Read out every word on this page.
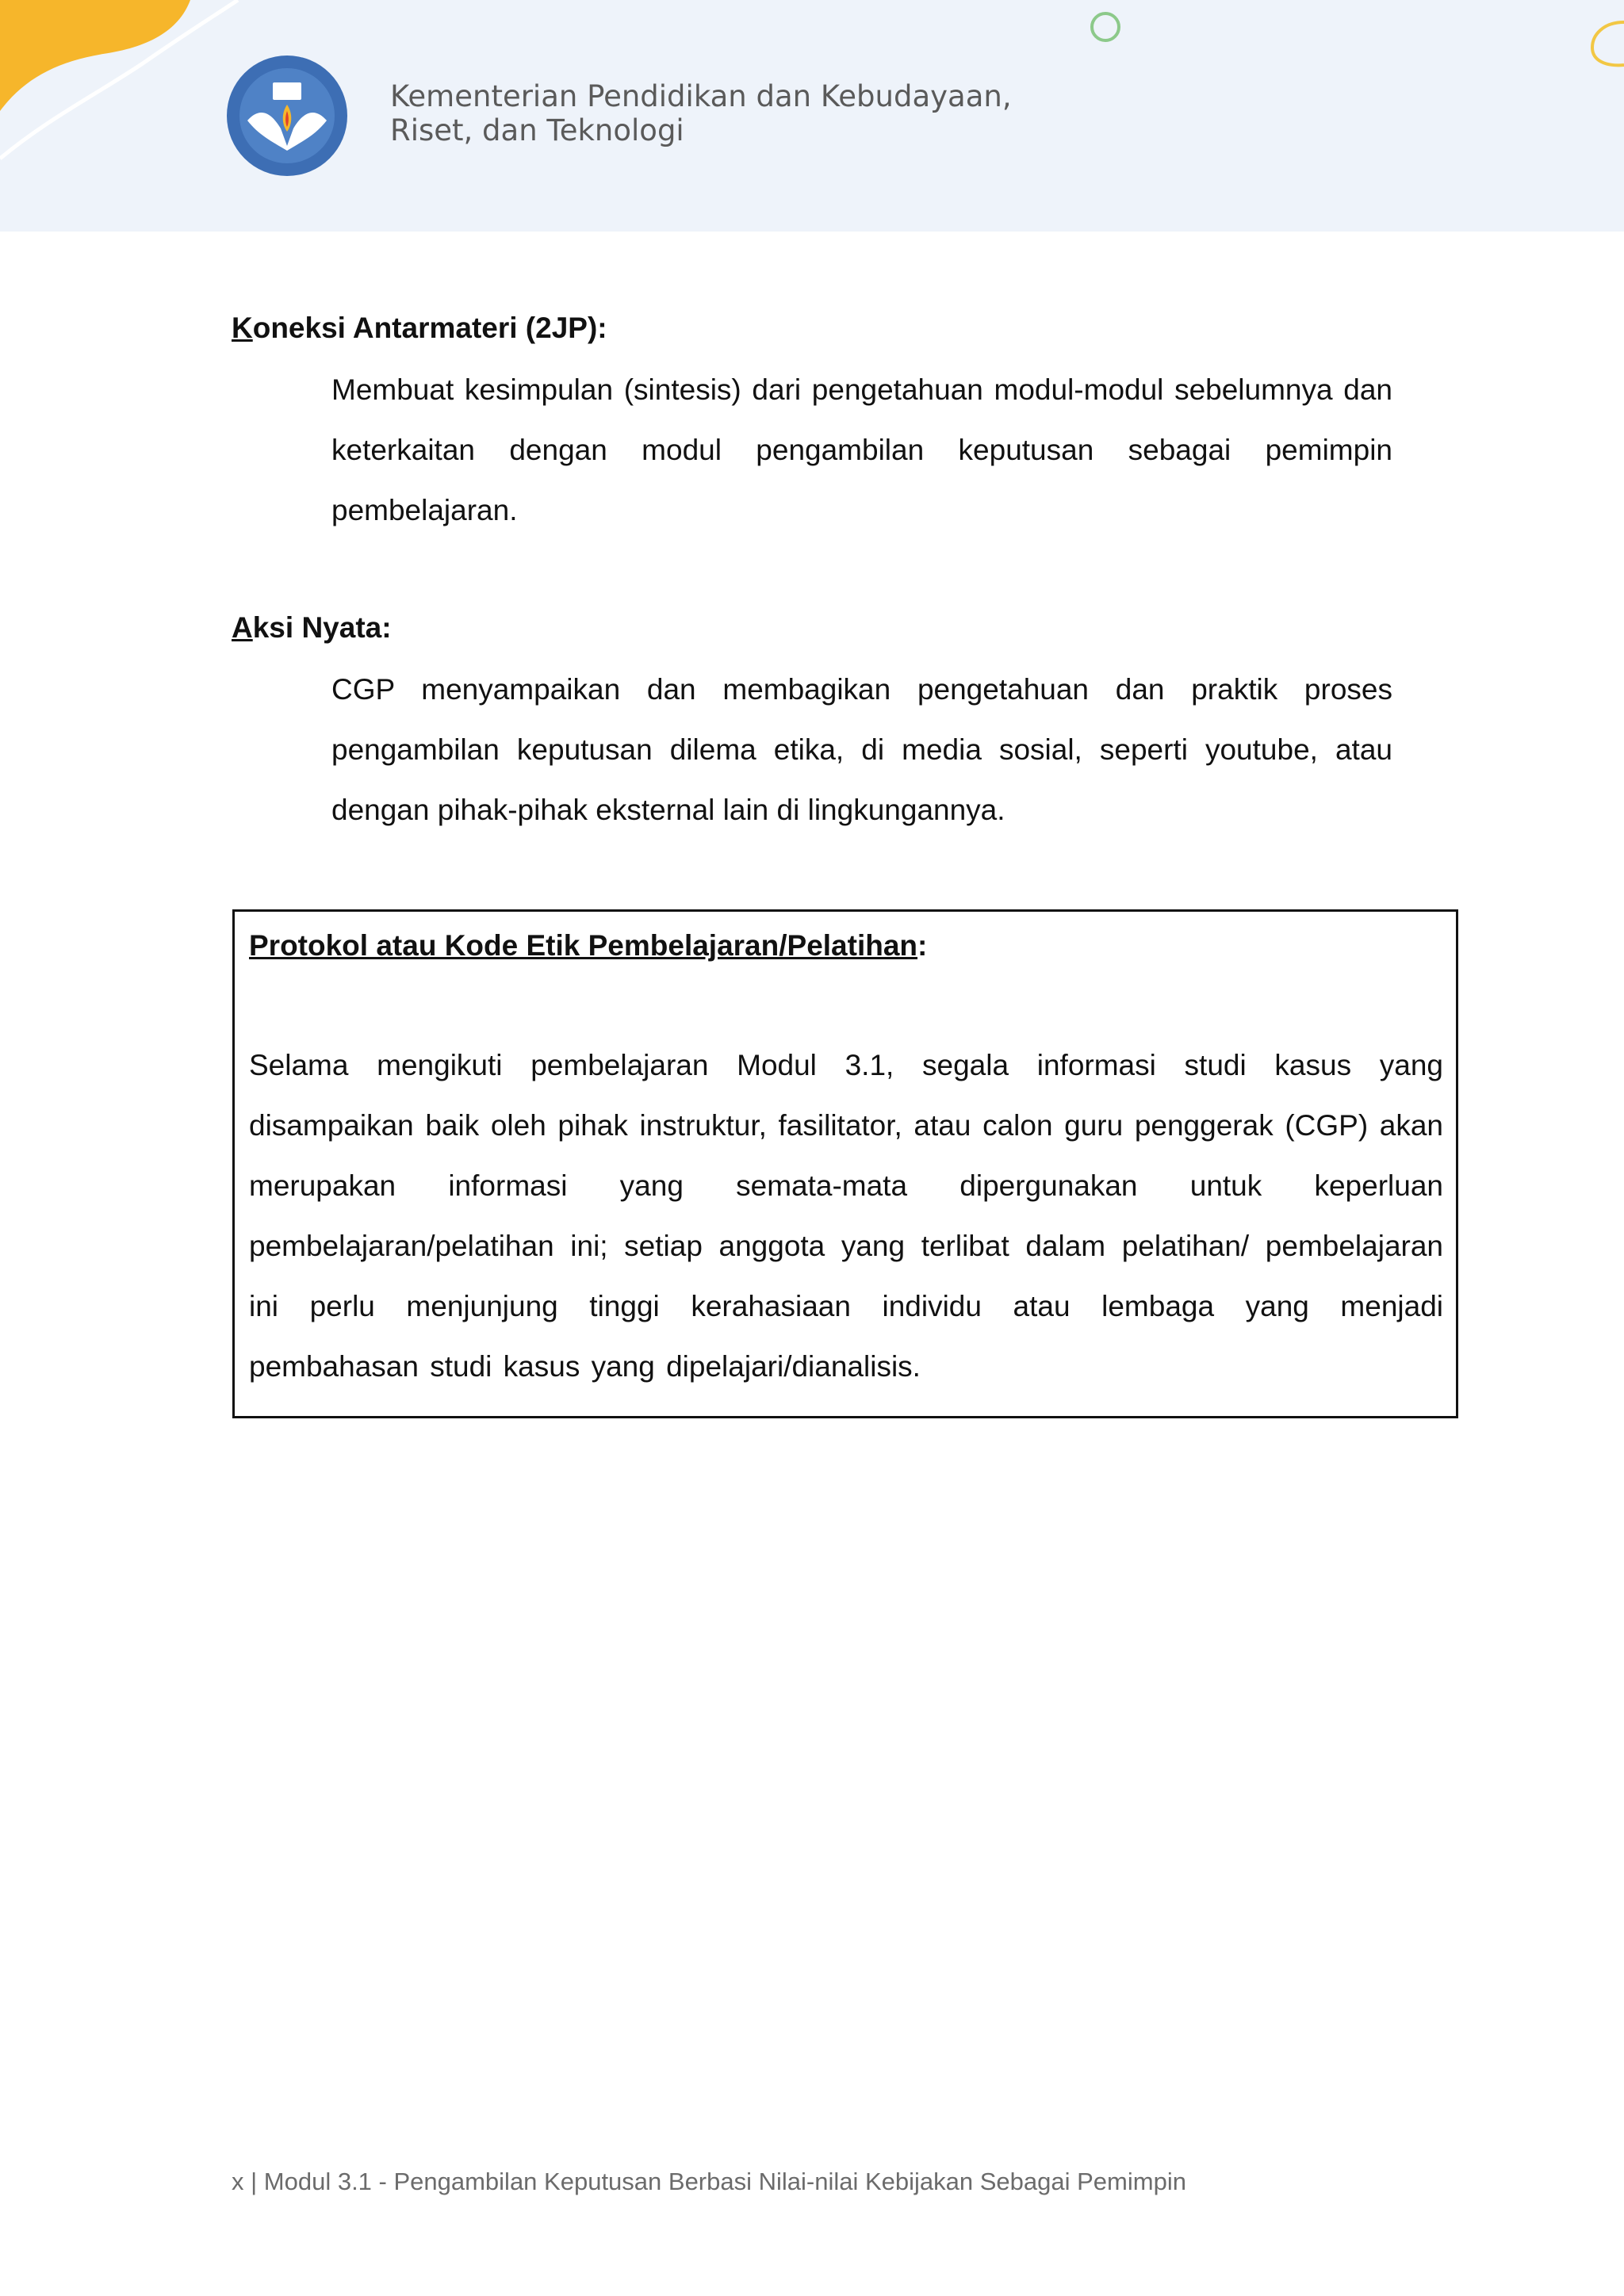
Kementerian Pendidikan dan Kebudayaan,
Riset, dan Teknologi
Koneksi Antarmateri (2JP):
Membuat kesimpulan (sintesis) dari pengetahuan modul-modul sebelumnya dan keterkaitan dengan modul pengambilan keputusan sebagai pemimpin pembelajaran.
Aksi Nyata:
CGP menyampaikan dan membagikan pengetahuan dan praktik proses pengambilan keputusan dilema etika, di media sosial, seperti youtube, atau dengan pihak-pihak eksternal lain di lingkungannya.
Protokol atau Kode Etik Pembelajaran/Pelatihan:
Selama mengikuti pembelajaran Modul 3.1, segala informasi studi kasus yang disampaikan baik oleh pihak instruktur, fasilitator, atau calon guru penggerak (CGP) akan merupakan informasi yang semata-mata dipergunakan untuk keperluan pembelajaran/pelatihan ini; setiap anggota yang terlibat dalam pelatihan/ pembelajaran ini perlu menjunjung tinggi kerahasiaan individu atau lembaga yang menjadi pembahasan studi kasus yang dipelajari/dianalisis.
x | Modul 3.1 - Pengambilan Keputusan Berbasi Nilai-nilai Kebijakan Sebagai Pemimpin
